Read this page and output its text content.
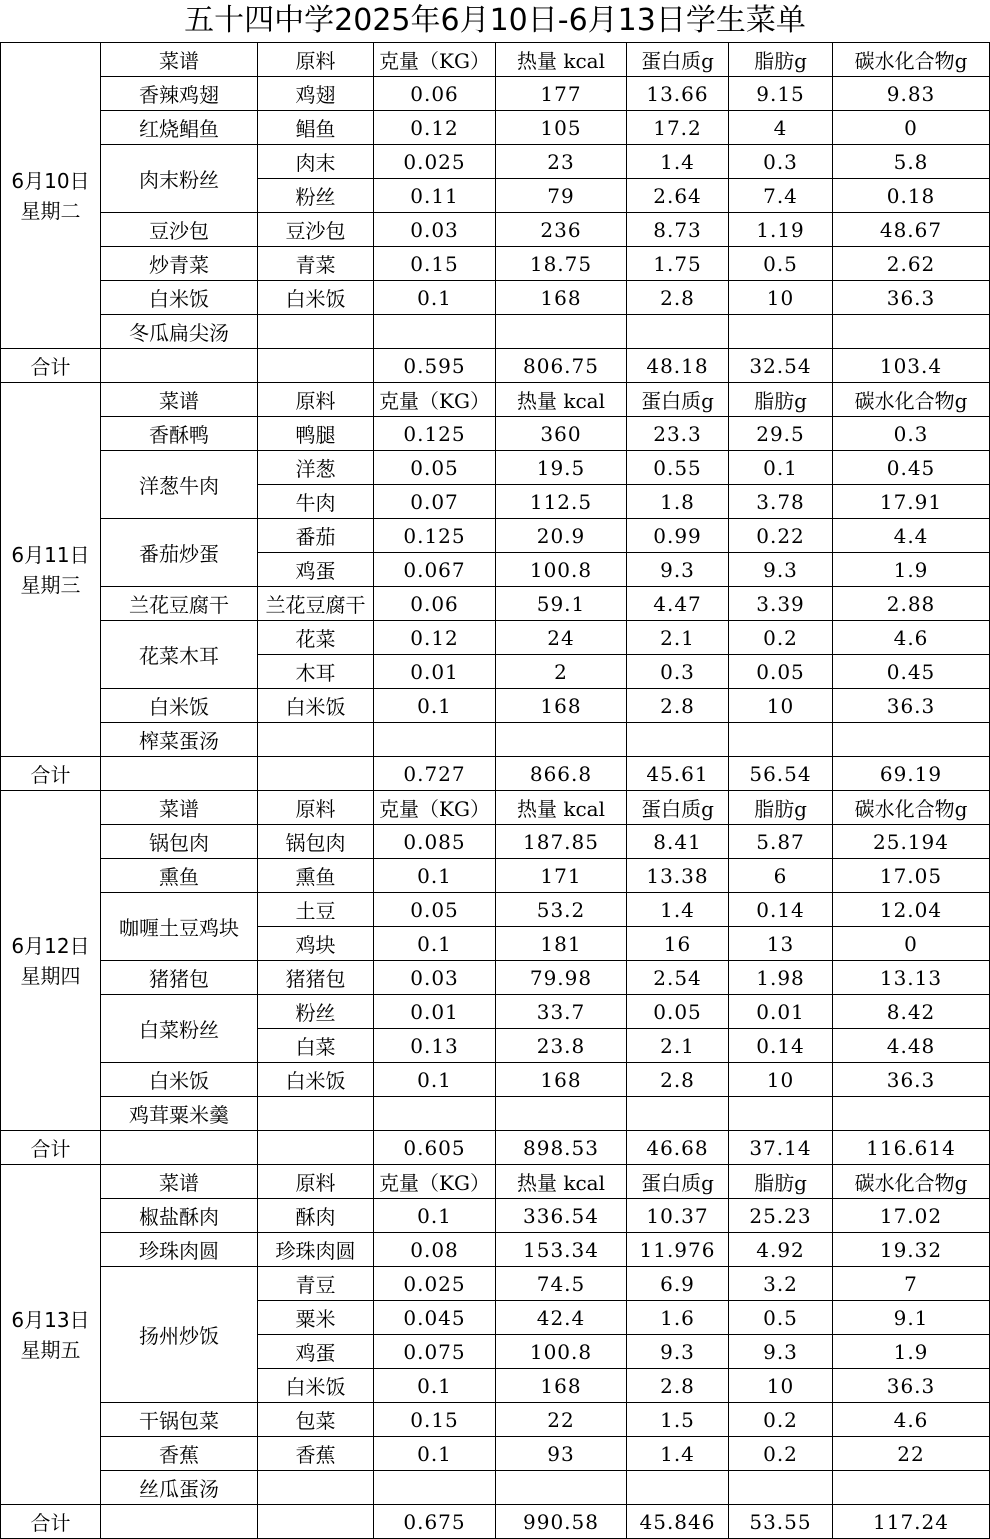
五十四中学2025年6月10日-6月13日学生菜单
6月10日
星期二	菜谱	原料	克量（KG）	热量 kcal	蛋白质g	脂肪g	碳水化合物g
	香辣鸡翅	鸡翅	0.06	177	13.66	9.15	9.83
	红烧鲳鱼	鲳鱼	0.12	105	17.2	4	0
	肉末粉丝	肉末	0.025	23	1.4	0.3	5.8
		粉丝	0.11	79	2.64	7.4	0.18
	豆沙包	豆沙包	0.03	236	8.73	1.19	48.67
	炒青菜	青菜	0.15	18.75	1.75	0.5	2.62
	白米饭	白米饭	0.1	168	2.8	10	36.3
	冬瓜扁尖汤						
合计			0.595	806.75	48.18	32.54	103.4

6月11日
星期三	菜谱	原料	克量（KG）	热量 kcal	蛋白质g	脂肪g	碳水化合物g
	香酥鸭	鸭腿	0.125	360	23.3	29.5	0.3
	洋葱牛肉	洋葱	0.05	19.5	0.55	0.1	0.45
		牛肉	0.07	112.5	1.8	3.78	17.91
	番茄炒蛋	番茄	0.125	20.9	0.99	0.22	4.4
		鸡蛋	0.067	100.8	9.3	9.3	1.9
	兰花豆腐干	兰花豆腐干	0.06	59.1	4.47	3.39	2.88
	花菜木耳	花菜	0.12	24	2.1	0.2	4.6
		木耳	0.01	2	0.3	0.05	0.45
	白米饭	白米饭	0.1	168	2.8	10	36.3
	榨菜蛋汤						
合计			0.727	866.8	45.61	56.54	69.19

6月12日
星期四	菜谱	原料	克量（KG）	热量 kcal	蛋白质g	脂肪g	碳水化合物g
	锅包肉	锅包肉	0.085	187.85	8.41	5.87	25.194
	熏鱼	熏鱼	0.1	171	13.38	6	17.05
	咖喱土豆鸡块	土豆	0.05	53.2	1.4	0.14	12.04
		鸡块	0.1	181	16	13	0
	猪猪包	猪猪包	0.03	79.98	2.54	1.98	13.13
	白菜粉丝	粉丝	0.01	33.7	0.05	0.01	8.42
		白菜	0.13	23.8	2.1	0.14	4.48
	白米饭	白米饭	0.1	168	2.8	10	36.3
	鸡茸粟米羹						
合计			0.605	898.53	46.68	37.14	116.614

6月13日
星期五	菜谱	原料	克量（KG）	热量 kcal	蛋白质g	脂肪g	碳水化合物g
	椒盐酥肉	酥肉	0.1	336.54	10.37	25.23	17.02
	珍珠肉圆	珍珠肉圆	0.08	153.34	11.976	4.92	19.32
	扬州炒饭	青豆	0.025	74.5	6.9	3.2	7
		粟米	0.045	42.4	1.6	0.5	9.1
		鸡蛋	0.075	100.8	9.3	9.3	1.9
		白米饭	0.1	168	2.8	10	36.3
	干锅包菜	包菜	0.15	22	1.5	0.2	4.6
	香蕉	香蕉	0.1	93	1.4	0.2	22
	丝瓜蛋汤						
合计			0.675	990.58	45.846	53.55	117.24
